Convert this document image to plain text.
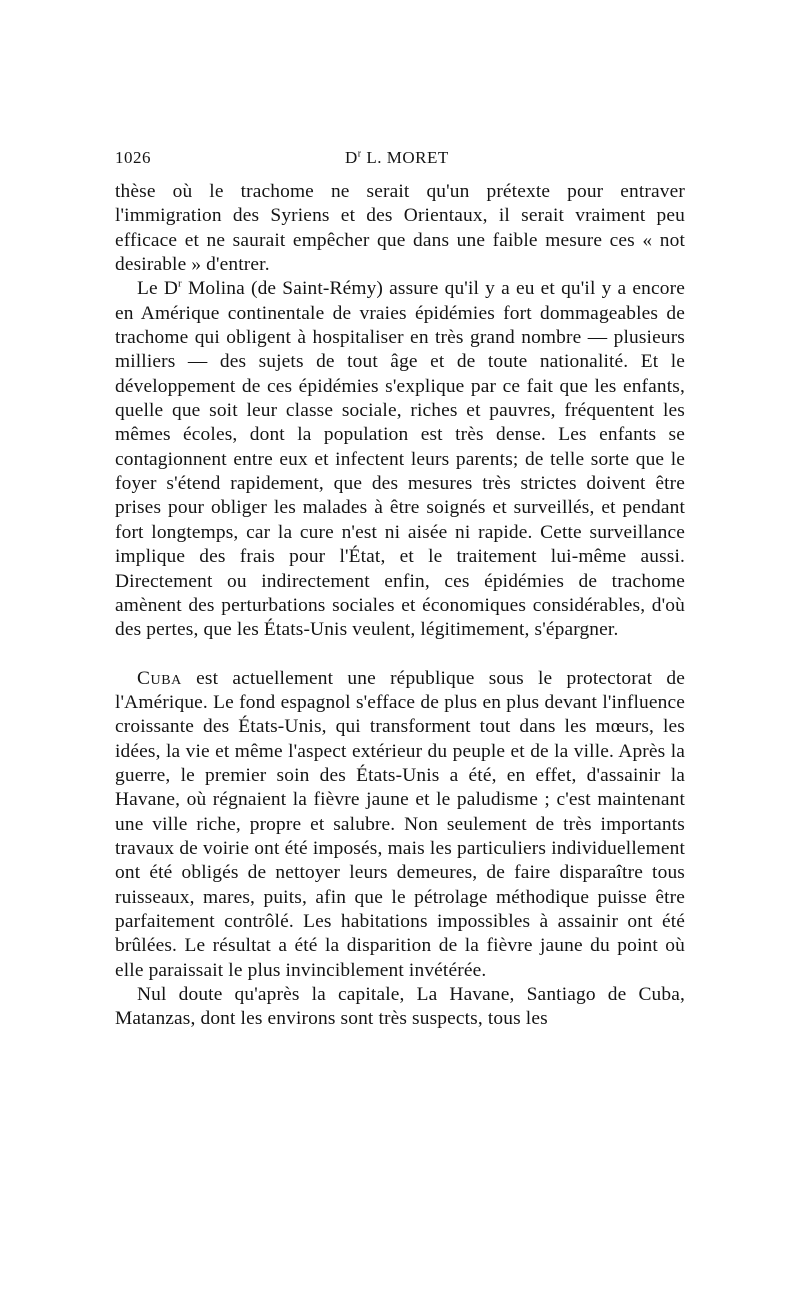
1026	$D^r$ L. MORET

thèse où le trachome ne serait qu'un prétexte pour entraver l'immigration des Syriens et des Orientaux, il serait vraiment peu efficace et ne saurait empêcher que dans une faible mesure ces « not desirable » d'entrer.

Le $D^r$ Molina (de Saint-Rémy) assure qu'il y a eu et qu'il y a encore en Amérique continentale de vraies épidémies fort dommageables de trachome qui obligent à hospitaliser en très grand nombre — plusieurs milliers — des sujets de tout âge et de toute nationalité. Et le développement de ces épidémies s'explique par ce fait que les enfants, quelle que soit leur classe sociale, riches et pauvres, fréquentent les mêmes écoles, dont la population est très dense. Les enfants se contagionnent entre eux et infectent leurs parents; de telle sorte que le foyer s'étend rapidement, que des mesures très strictes doivent être prises pour obliger les malades à être soignés et surveillés, et pendant fort longtemps, car la cure n'est ni aisée ni rapide. Cette surveillance implique des frais pour l'État, et le traitement lui-même aussi. Directement ou indirectement enfin, ces épidémies de trachome amènent des perturbations sociales et économiques considérables, d'où des pertes, que les États-Unis veulent, légitimement, s'épargner.

Cuba est actuellement une république sous le protectorat de l'Amérique. Le fond espagnol s'efface de plus en plus devant l'influence croissante des États-Unis, qui transforment tout dans les mœurs, les idées, la vie et même l'aspect extérieur du peuple et de la ville. Après la guerre, le premier soin des États-Unis a été, en effet, d'assainir la Havane, où régnaient la fièvre jaune et le paludisme ; c'est maintenant une ville riche, propre et salubre. Non seulement de très importants travaux de voirie ont été imposés, mais les particuliers individuellement ont été obligés de nettoyer leurs demeures, de faire disparaître tous ruisseaux, mares, puits, afin que le pétrolage méthodique puisse être parfaitement contrôlé. Les habitations impossibles à assainir ont été brûlées. Le résultat a été la disparition de la fièvre jaune du point où elle paraissait le plus invinciblement invétérée.

Nul doute qu'après la capitale, La Havane, Santiago de Cuba, Matanzas, dont les environs sont très suspects, tous les
